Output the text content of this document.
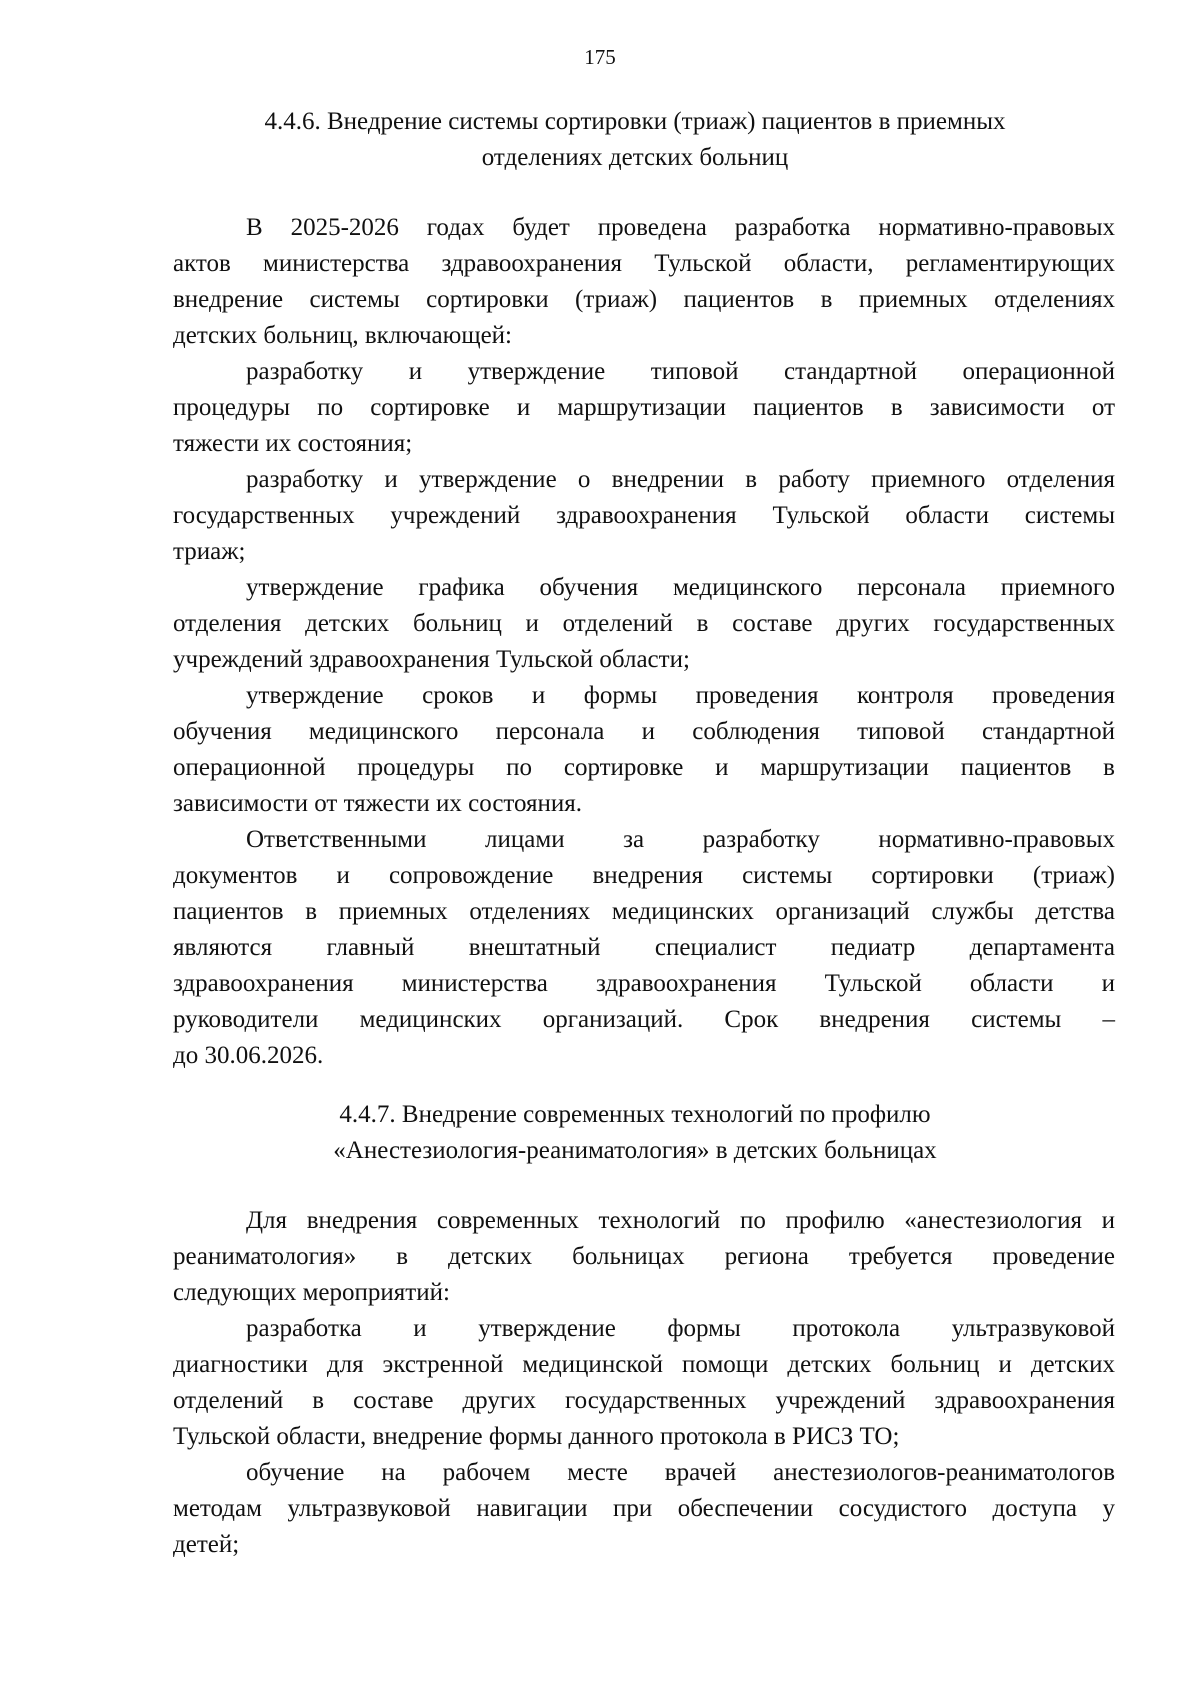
175
4.4.6. Внедрение системы сортировки (триаж) пациентов в приемных
отделениях детских больниц

В 2025-2026 годах будет проведена разработка нормативно-правовых
актов министерства здравоохранения Тульской области, регламентирующих
внедрение системы сортировки (триаж) пациентов в приемных отделениях
детских больниц, включающей:

разработку и утверждение типовой стандартной операционной
процедуры по сортировке и маршрутизации пациентов в зависимости от
тяжести их состояния;

разработку и утверждение о внедрении в работу приемного отделения
государственных учреждений здравоохранения Тульской области системы
триаж;

утверждение графика обучения медицинского персонала приемного
отделения детских больниц и отделений в составе других государственных
учреждений здравоохранения Тульской области;

утверждение сроков и формы проведения контроля проведения
обучения медицинского персонала и соблюдения типовой стандартной
операционной процедуры по сортировке и маршрутизации пациентов в
зависимости от тяжести их состояния.

Ответственными лицами за разработку нормативно-правовых
документов и сопровождение внедрения системы сортировки (триаж)
пациентов в приемных отделениях медицинских организаций службы детства
являются главный внештатный специалист педиатр департамента
здравоохранения министерства здравоохранения Тульской области и
руководители медицинских организаций. Срок внедрения системы –
до 30.06.2026.

4.4.7. Внедрение современных технологий по профилю
«Анестезиология-реаниматология» в детских больницах

Для внедрения современных технологий по профилю «анестезиология и
реаниматология» в детских больницах региона требуется проведение
следующих мероприятий:

разработка и утверждение формы протокола ультразвуковой
диагностики для экстренной медицинской помощи детских больниц и детских
отделений в составе других государственных учреждений здравоохранения
Тульской области, внедрение формы данного протокола в РИСЗ ТО;

обучение на рабочем месте врачей анестезиологов-реаниматологов
методам ультразвуковой навигации при обеспечении сосудистого доступа у
детей;
